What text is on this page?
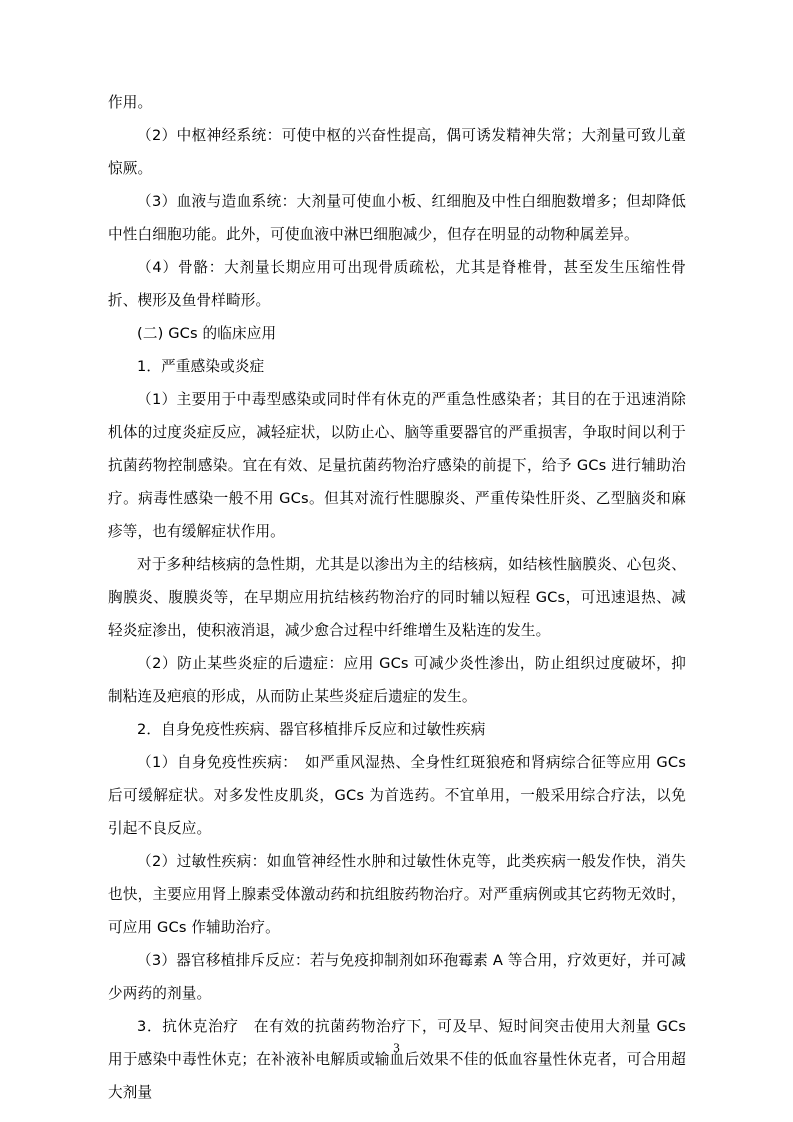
作用。

（2）中枢神经系统：可使中枢的兴奋性提高，偶可诱发精神失常；大剂量可致儿童惊厥。

（3）血液与造血系统：大剂量可使血小板、红细胞及中性白细胞数增多；但却降低中性白细胞功能。此外，可使血液中淋巴细胞减少，但存在明显的动物种属差异。

（4）骨骼：大剂量长期应用可出现骨质疏松，尤其是脊椎骨，甚至发生压缩性骨折、楔形及鱼骨样畸形。

(二) GCs 的临床应用

1．严重感染或炎症

（1）主要用于中毒型感染或同时伴有休克的严重急性感染者；其目的在于迅速消除机体的过度炎症反应，减轻症状，以防止心、脑等重要器官的严重损害，争取时间以利于抗菌药物控制感染。宜在有效、足量抗菌药物治疗感染的前提下，给予 GCs 进行辅助治疗。病毒性感染一般不用 GCs。但其对流行性腮腺炎、严重传染性肝炎、乙型脑炎和麻疹等，也有缓解症状作用。

对于多种结核病的急性期，尤其是以渗出为主的结核病，如结核性脑膜炎、心包炎、胸膜炎、腹膜炎等，在早期应用抗结核药物治疗的同时辅以短程 GCs，可迅速退热、减轻炎症渗出，使积液消退，减少愈合过程中纤维增生及粘连的发生。

（2）防止某些炎症的后遗症：应用 GCs 可减少炎性渗出，防止组织过度破坏，抑制粘连及疤痕的形成，从而防止某些炎症后遗症的发生。

2．自身免疫性疾病、器官移植排斥反应和过敏性疾病

（1）自身免疫性疾病：　如严重风湿热、全身性红斑狼疮和肾病综合征等应用 GCs 后可缓解症状。对多发性皮肌炎，GCs 为首选药。不宜单用，一般采用综合疗法，以免引起不良反应。

（2）过敏性疾病：如血管神经性水肿和过敏性休克等，此类疾病一般发作快，消失也快，主要应用肾上腺素受体激动药和抗组胺药物治疗。对严重病例或其它药物无效时，可应用 GCs 作辅助治疗。

（3）器官移植排斥反应：若与免疫抑制剂如环孢霉素 A 等合用，疗效更好，并可减少两药的剂量。

3．抗休克治疗　在有效的抗菌药物治疗下，可及早、短时间突击使用大剂量 GCs 用于感染中毒性休克；在补液补电解质或输血后效果不佳的低血容量性休克者，可合用超大剂量

3
